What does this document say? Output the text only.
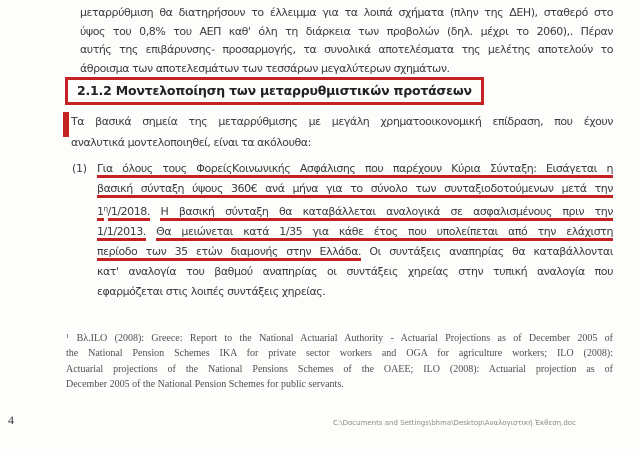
μεταρρύθμιση θα διατηρήσουν το έλλειμμα για τα λοιπά σχήματα (πλην της ΔΕΗ), σταθερό στο
ύψος του 0,8% του ΑΕΠ καθ' όλη τη διάρκεια των προβολών (δηλ. μέχρι το 2060),. Πέραν
αυτής της επιβάρυνσης- προσαρμογής, τα συνολικά αποτελέσματα της μελέτης αποτελούν το
άθροισμα των αποτελεσμάτων των τεσσάρων μεγαλύτερων σχημάτων.
2.1.2 Μοντελοποίηση των μεταρρυθμιστικών προτάσεων
Τα βασικά σημεία της μεταρρύθμισης με μεγάλη χρηματοοικονομική επίδραση, που έχουν
αναλυτικά μοντελοποιηθεί, είναι τα ακόλουθα:
(1) Για όλους τους ΦορείςΚοινωνικής Ασφάλισης που παρέχουν Κύρια Σύνταξη: Εισάγεται η
βασική σύνταξη ύψους 360€ ανά μήνα για το σύνολο των συνταξιοδοτούμενων μετά την
$1^\eta/1/2018$. Η βασική σύνταξη θα καταβάλλεται αναλογικά σε ασφαλισμένους πριν την
1/1/2013. Θα μειώνεται κατά 1/35 για κάθε έτος που υπολείπεται από την ελάχιστη
περίοδο των 35 ετών διαμονής στην Ελλάδα. Οι συντάξεις αναπηρίας θα καταβάλλονται
κατ' αναλογία του βαθμού αναπηρίας οι συντάξεις χηρείας στην τυπική αναλογία που
εφαρμόζεται στις λοιπές συντάξεις χηρείας.
$^1$ Βλ.ILO (2008): Greece: Report to the National Actuarial Authority - Actuarial Projections as of December 2005 of
the National Pension Schemes IKA for private sector workers and OGA for agriculture workers; ILO (2008):
Actuarial projections of the National Pensions Schemes of the OAEE; ILO (2008): Actuarial projection as of
December 2005 of the National Pension Schemes for public servants.
4	C:\Documents and Settings\bhma\Desktop\Αναλογιστική Έκθεση.doc
